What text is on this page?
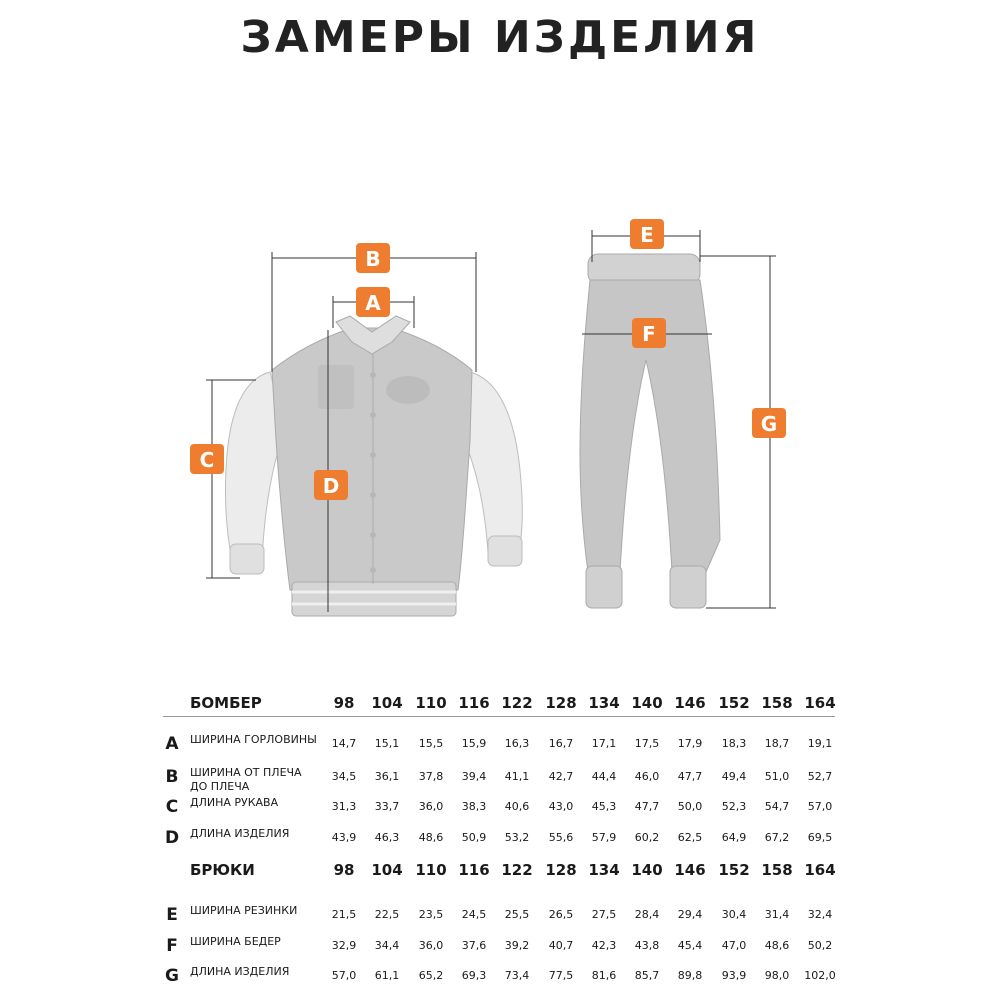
ЗАМЕРЫ ИЗДЕЛИЯ
B
A
C
D
E
F
G
БОМБЕР	98	104 110 116 122 128 134 140 146 152 158 164
A	ШИРИНА ГОРЛОВИНЫ	14,7	15,1	15,5	15,9	16,3	16,7	17,1	17,5	17,9	18,3	18,7	19,1
B	ШИРИНА ОТ ПЛЕЧА ДО ПЛЕЧА
34,5	36,1	37,8	39,4	41,1	42,7	44,4	46,0	47,7	49,4	51,0	52,7
C	ДЛИНА РУКАВА	31,3	33,7	36,0	38,3	40,6	43,0	45,3	47,7	50,0	52,3	54,7	57,0
D ДЛИНА ИЗДЕЛИЯ	43,9	46,3	48,6	50,9	53,2	55,6	57,9	60,2	62,5	64,9	67,2	69,5
БРЮКИ	98	104 110 116 122 128 134 140 146 152 158 164
E	ШИРИНА РЕЗИНКИ	21,5	22,5	23,5	24,5	25,5	26,5	27,5	28,4	29,4	30,4	31,4	32,4
F	ШИРИНА БЕДЕР	32,9	34,4	36,0	37,6	39,2	40,7	42,3	43,8	45,4	47,0	48,6	50,2
G	ДЛИНА ИЗДЕЛИЯ	57,0	61,1	65,2	69,3	73,4	77,5	81,6	85,7	89,8	93,9	98,0	102,0
